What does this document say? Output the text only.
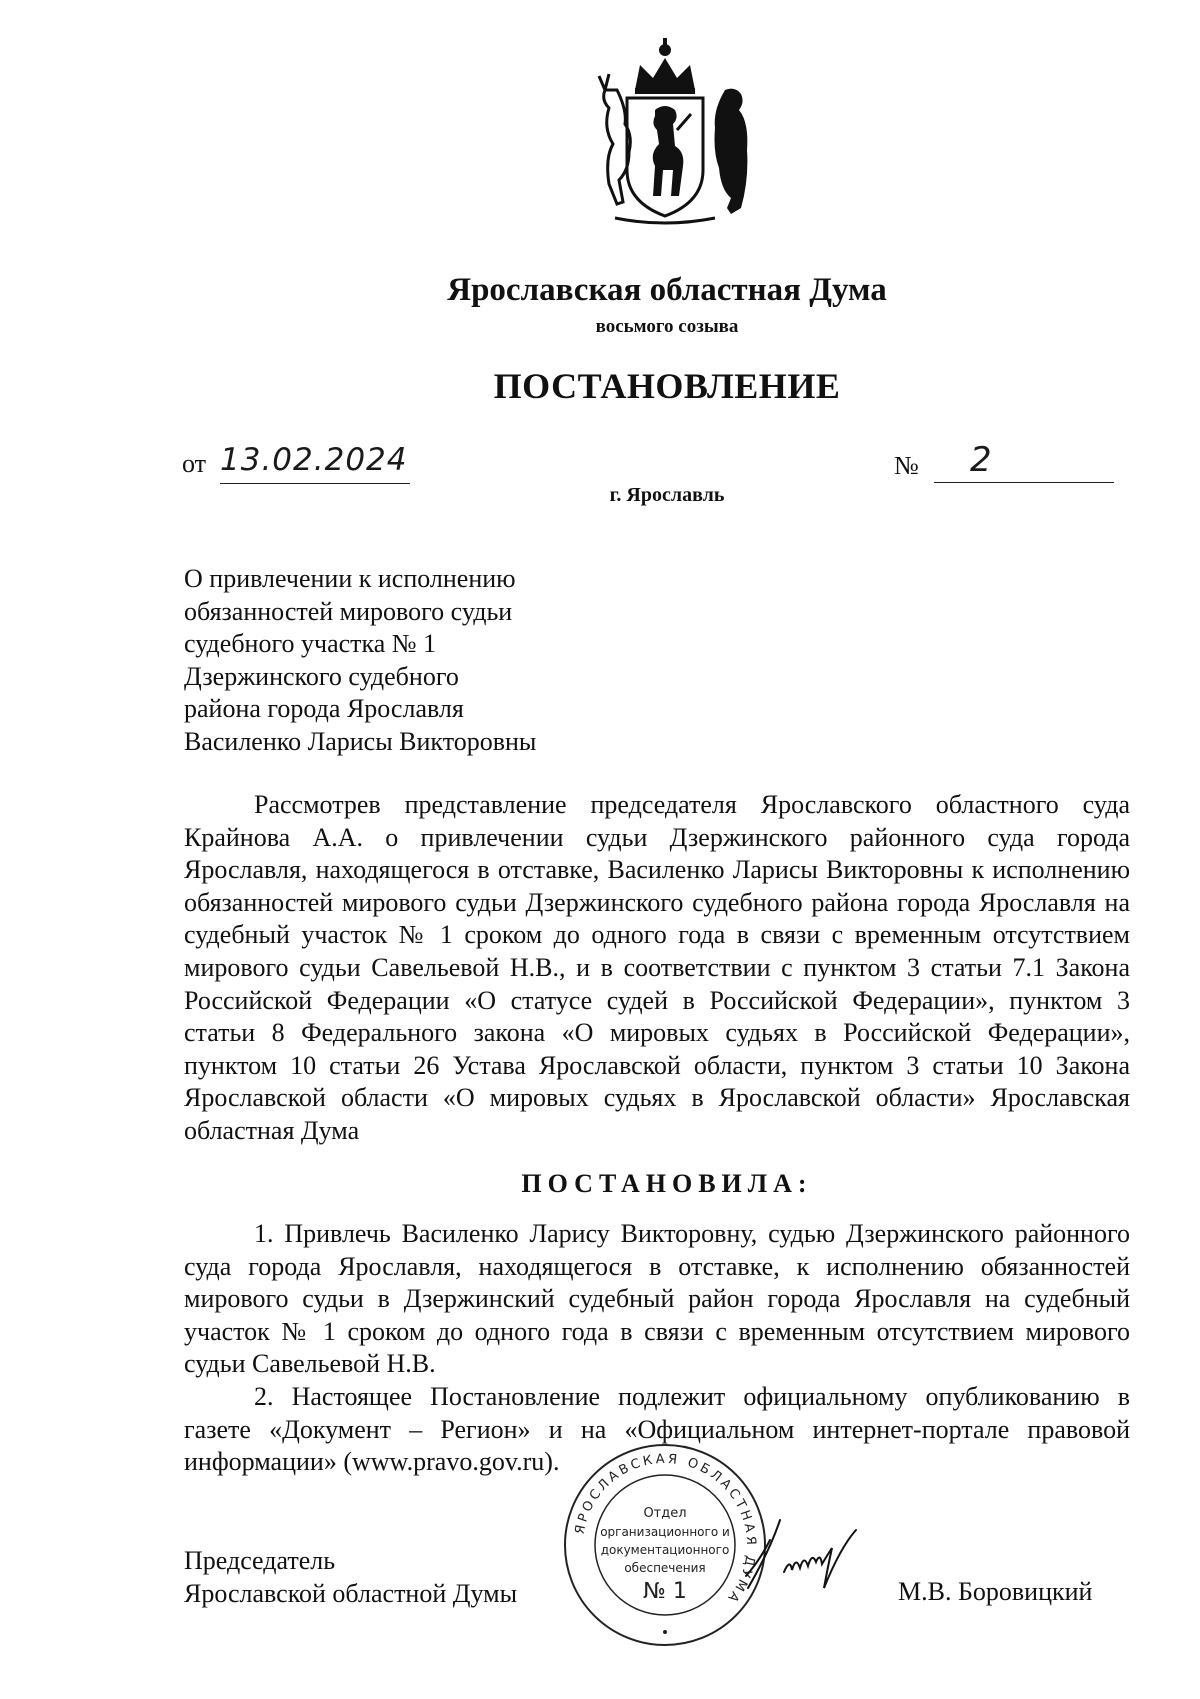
Ярославская областная Дума
восьмого созыва
ПОСТАНОВЛЕНИЕ
от 13.02.2024	№ 2
г. Ярославль
О привлечении к исполнению
обязанностей мирового судьи
судебного участка № 1
Дзержинского судебного
района города Ярославля
Василенко Ларисы Викторовны

Рассмотрев представление председателя Ярославского областного суда Крайнова А.А. о привлечении судьи Дзержинского районного суда города Ярославля, находящегося в отставке, Василенко Ларисы Викторовны к исполнению обязанностей мирового судьи Дзержинского судебного района города Ярославля на судебный участок № 1 сроком до одного года в связи с временным отсутствием мирового судьи Савельевой Н.В., и в соответствии с пунктом 3 статьи 7.1 Закона Российской Федерации «О статусе судей в Российской Федерации», пунктом 3 статьи 8 Федерального закона «О мировых судьях в Российской Федерации», пунктом 10 статьи 26 Устава Ярославской области, пунктом 3 статьи 10 Закона Ярославской области «О мировых судьях в Ярославской области» Ярославская областная Дума

ПОСТАНОВИЛА:

1. Привлечь Василенко Ларису Викторовну, судью Дзержинского районного суда города Ярославля, находящегося в отставке, к исполнению обязанностей мирового судьи в Дзержинский судебный район города Ярославля на судебный участок № 1 сроком до одного года в связи с временным отсутствием мирового судьи Савельевой Н.В.

2. Настоящее Постановление подлежит официальному опубликованию в газете «Документ – Регион» и на «Официальном интернет-портале правовой информации» (www.pravo.gov.ru).

ЯРОСЛАВСКАЯ ОБЛАСТНАЯ ДУМА
Отдел
организационного и
документационного
обеспечения
№ 1
Председатель
Ярославской областной Думы	М.В. Боровицкий
